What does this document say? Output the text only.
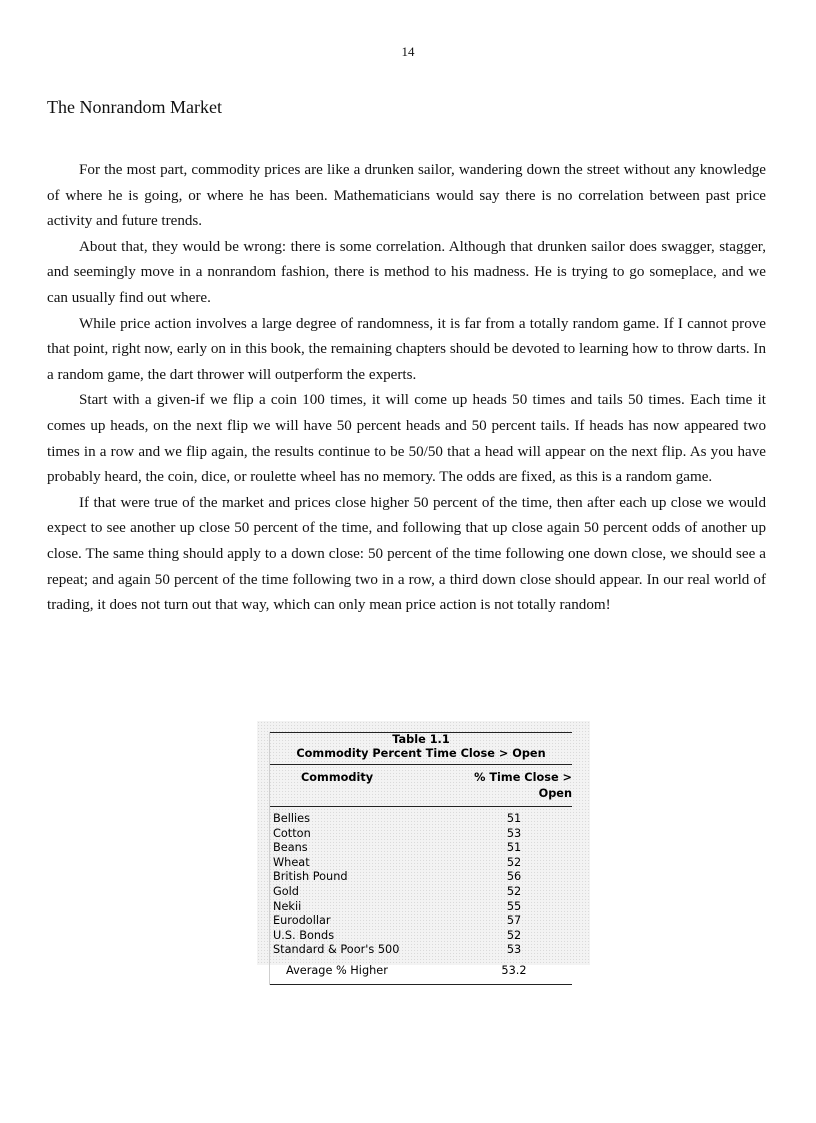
14
The Nonrandom Market

For the most part, commodity prices are like a drunken sailor, wandering down the street without any knowledge of where he is going, or where he has been. Mathematicians would say there is no correlation between past price activity and future trends.

About that, they would be wrong: there is some correlation. Although that drunken sailor does swagger, stagger, and seemingly move in a nonrandom fashion, there is method to his madness. He is trying to go someplace, and we can usually find out where.

While price action involves a large degree of randomness, it is far from a totally random game. If I cannot prove that point, right now, early on in this book, the remaining chapters should be devoted to learning how to throw darts. In a random game, the dart thrower will outperform the experts.

Start with a given-if we flip a coin 100 times, it will come up heads 50 times and tails 50 times. Each time it comes up heads, on the next flip we will have 50 percent heads and 50 percent tails. If heads has now appeared two times in a row and we flip again, the results continue to be 50/50 that a head will appear on the next flip. As you have probably heard, the coin, dice, or roulette wheel has no memory. The odds are fixed, as this is a random game.

If that were true of the market and prices close higher 50 percent of the time, then after each up close we would expect to see another up close 50 percent of the time, and following that up close again 50 percent odds of another up close. The same thing should apply to a down close: 50 percent of the time following one down close, we should see a repeat; and again 50 percent of the time following two in a row, a third down close should appear. In our real world of trading, it does not turn out that way, which can only mean price action is not totally random!

Table 1.1
Commodity Percent Time Close > Open
Commodity	% Time Close > Open
Bellies	51
Cotton	53
Beans	51
Wheat	52
British Pound	56
Gold	52
Nekii	55
Eurodollar	57
U.S. Bonds	52
Standard & Poor's 500	53
Average % Higher	53.2
